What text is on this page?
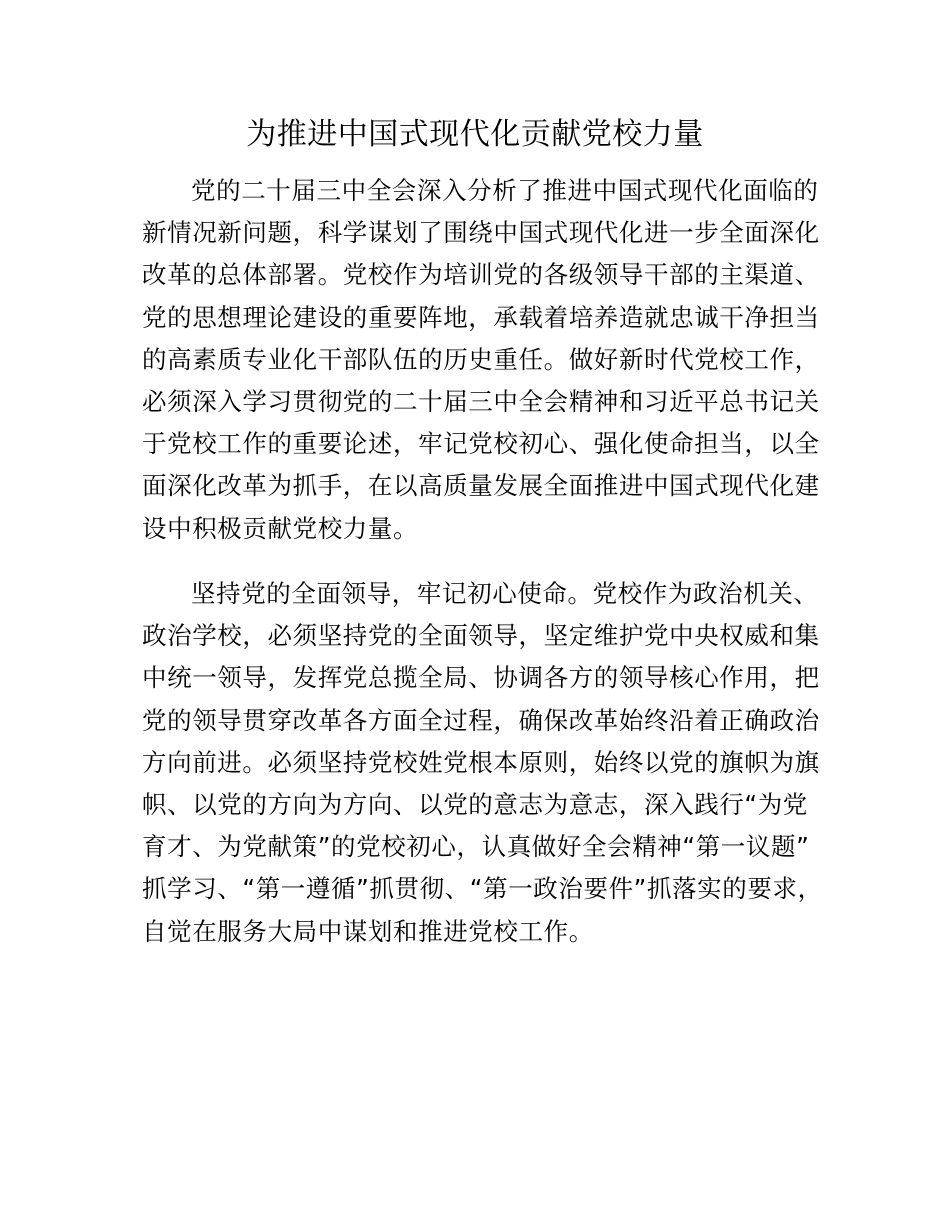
为推进中国式现代化贡献党校力量
党的二十届三中全会深入分析了推进中国式现代化面临的
新情况新问题，科学谋划了围绕中国式现代化进一步全面深化
改革的总体部署。党校作为培训党的各级领导干部的主渠道、
党的思想理论建设的重要阵地，承载着培养造就忠诚干净担当
的高素质专业化干部队伍的历史重任。做好新时代党校工作，
必须深入学习贯彻党的二十届三中全会精神和习近平总书记关
于党校工作的重要论述，牢记党校初心、强化使命担当，以全
面深化改革为抓手，在以高质量发展全面推进中国式现代化建
设中积极贡献党校力量。
坚持党的全面领导，牢记初心使命。党校作为政治机关、
政治学校，必须坚持党的全面领导，坚定维护党中央权威和集
中统一领导，发挥党总揽全局、协调各方的领导核心作用，把
党的领导贯穿改革各方面全过程，确保改革始终沿着正确政治
方向前进。必须坚持党校姓党根本原则，始终以党的旗帜为旗
帜、以党的方向为方向、以党的意志为意志，深入践行“为党
育才、为党献策”的党校初心，认真做好全会精神“第一议题”
抓学习、“第一遵循”抓贯彻、“第一政治要件”抓落实的要求，
自觉在服务大局中谋划和推进党校工作。
